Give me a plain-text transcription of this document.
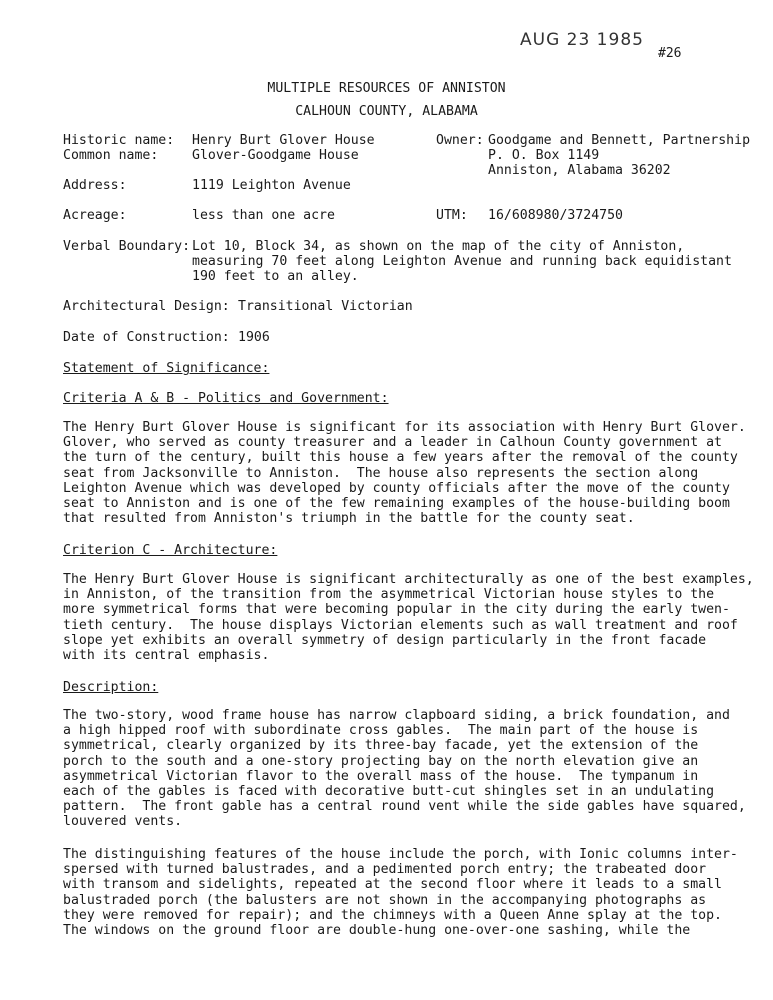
AUG 23 1985
#26
MULTIPLE RESOURCES OF ANNISTON
CALHOUN COUNTY, ALABAMA
Historic name: Henry Burt Glover House
Common name:	Glover-Goodgame House
Owner: Goodgame and Bennett, Partnership
P. O. Box 1149
Anniston, Alabama 36202
Address:	1119 Leighton Avenue
Acreage:	less than one acre	UTM: 16/608980/3724750
Verbal Boundary: Lot 10, Block 34, as shown on the map of the city of Anniston,
measuring 70 feet along Leighton Avenue and running back equidistant
190 feet to an alley.
Architectural Design: Transitional Victorian
Date of Construction: 1906
Statement of Significance:
Criteria A & B - Politics and Government:
The Henry Burt Glover House is significant for its association with Henry Burt Glover.
Glover, who served as county treasurer and a leader in Calhoun County government at
the turn of the century, built this house a few years after the removal of the county
seat from Jacksonville to Anniston.  The house also represents the section along
Leighton Avenue which was developed by county officials after the move of the county
seat to Anniston and is one of the few remaining examples of the house-building boom
that resulted from Anniston's triumph in the battle for the county seat.
Criterion C - Architecture:
The Henry Burt Glover House is significant architecturally as one of the best examples,
in Anniston, of the transition from the asymmetrical Victorian house styles to the
more symmetrical forms that were becoming popular in the city during the early twen-
tieth century.  The house displays Victorian elements such as wall treatment and roof
slope yet exhibits an overall symmetry of design particularly in the front facade
with its central emphasis.
Description:
The two-story, wood frame house has narrow clapboard siding, a brick foundation, and
a high hipped roof with subordinate cross gables.  The main part of the house is
symmetrical, clearly organized by its three-bay facade, yet the extension of the
porch to the south and a one-story projecting bay on the north elevation give an
asymmetrical Victorian flavor to the overall mass of the house.  The tympanum in
each of the gables is faced with decorative butt-cut shingles set in an undulating
pattern.  The front gable has a central round vent while the side gables have squared,
louvered vents.
The distinguishing features of the house include the porch, with Ionic columns inter-
spersed with turned balustrades, and a pedimented porch entry; the trabeated door
with transom and sidelights, repeated at the second floor where it leads to a small
balustraded porch (the balusters are not shown in the accompanying photographs as
they were removed for repair); and the chimneys with a Queen Anne splay at the top.
The windows on the ground floor are double-hung one-over-one sashing, while the
